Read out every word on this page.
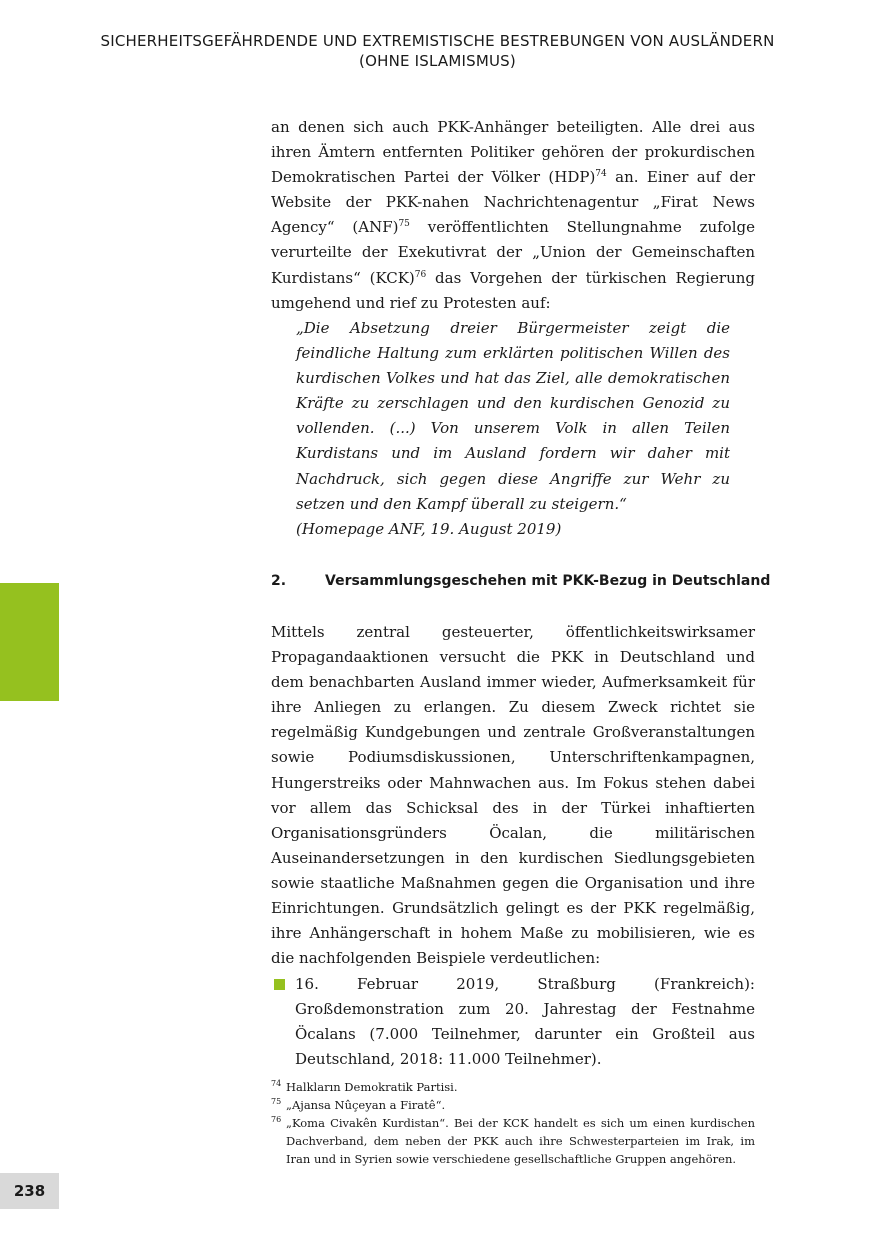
SICHERHEITSGEFÄHRDENDE UND EXTREMISTISCHE BESTREBUNGEN VON AUSLÄNDERN
(OHNE ISLAMISMUS)

an denen sich auch PKK-Anhänger beteiligten. Alle drei aus ihren Ämtern entfernten Politiker gehören der prokurdischen Demokratischen Partei der Völker (HDP)$^{74}$ an. Einer auf der Website der PKK-nahen Nachrichtenagentur „Firat News Agency“ (ANF)$^{75}$ veröffentlichten Stellungnahme zufolge verurteilte der Exekutivrat der „Union der Gemeinschaften Kurdistans“ (KCK)$^{76}$ das Vorgehen der türkischen Regierung umgehend und rief zu Protesten auf:

„Die Absetzung dreier Bürgermeister zeigt die feindliche Haltung zum erklärten politischen Willen des kurdischen Volkes und hat das Ziel, alle demokratischen Kräfte zu zerschlagen und den kurdischen Genozid zu vollenden. (...) Von unserem Volk in allen Teilen Kurdistans und im Ausland fordern wir daher mit Nachdruck, sich gegen diese Angriffe zur Wehr zu setzen und den Kampf überall zu steigern.“

(Homepage ANF, 19. August 2019)

2.	Versammlungsgeschehen mit PKK-Bezug in Deutschland

Mittels zentral gesteuerter, öffentlichkeitswirksamer Propagandaaktionen versucht die PKK in Deutschland und dem benachbarten Ausland immer wieder, Aufmerksamkeit für ihre Anliegen zu erlangen. Zu diesem Zweck richtet sie regelmäßig Kundgebungen und zentrale Großveranstaltungen sowie Podiumsdiskussionen, Unterschriftenkampagnen, Hungerstreiks oder Mahnwachen aus. Im Fokus stehen dabei vor allem das Schicksal des in der Türkei inhaftierten Organisationsgründers Öcalan, die militärischen Auseinandersetzungen in den kurdischen Siedlungsgebieten sowie staatliche Maßnahmen gegen die Organisation und ihre Einrichtungen. Grundsätzlich gelingt es der PKK regelmäßig, ihre Anhängerschaft in hohem Maße zu mobilisieren, wie es die nachfolgenden Beispiele verdeutlichen:

16. Februar 2019, Straßburg (Frankreich): Großdemonstration zum 20. Jahrestag der Festnahme Öcalans (7.000 Teilnehmer, darunter ein Großteil aus Deutschland, 2018: 11.000 Teilnehmer).

74 Halkların Demokratik Partisi.

75 „Ajansa Nûçeyan a Firatê“.

76 „Koma Civakên Kurdistan“. Bei der KCK handelt es sich um einen kurdischen Dachverband, dem neben der PKK auch ihre Schwesterparteien im Irak, im Iran und in Syrien sowie verschiedene gesellschaftliche Gruppen angehören.

238
